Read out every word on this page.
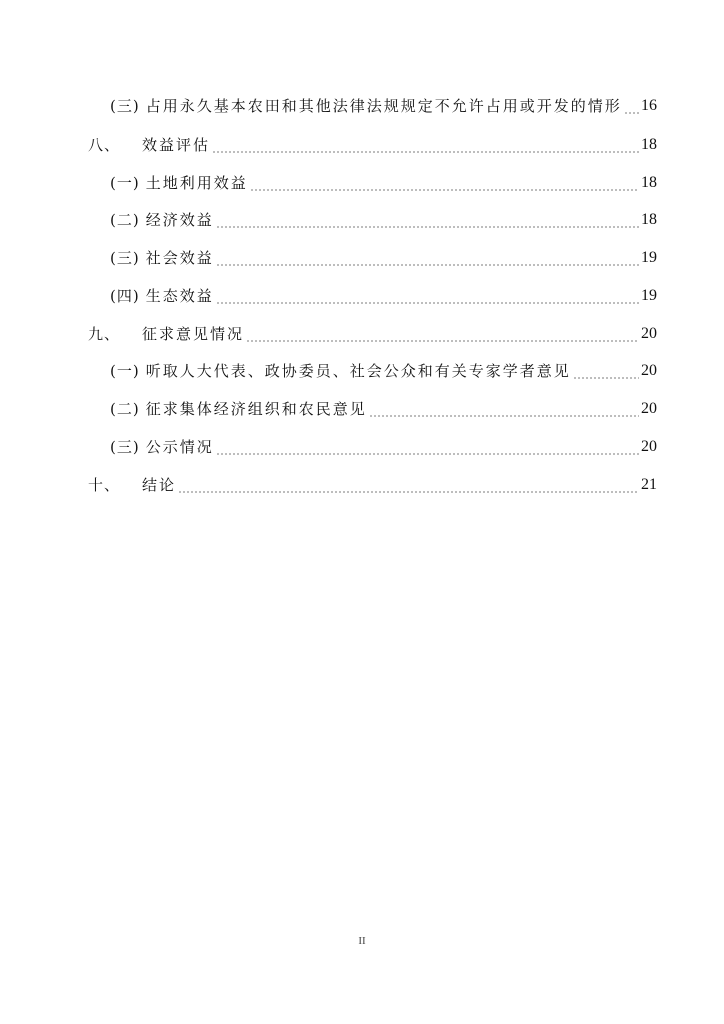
(三) 占用永久基本农田和其他法律法规规定不允许占用或开发的情形 16
八、 效益评估	18
(一) 土地利用效益	18
(二) 经济效益	18
(三) 社会效益	19
(四) 生态效益	19
九、 征求意见情况	20
(一) 听取人大代表、政协委员、社会公众和有关专家学者意见	20
(二) 征求集体经济组织和农民意见	20
(三) 公示情况	20
十、 结论	21
II
